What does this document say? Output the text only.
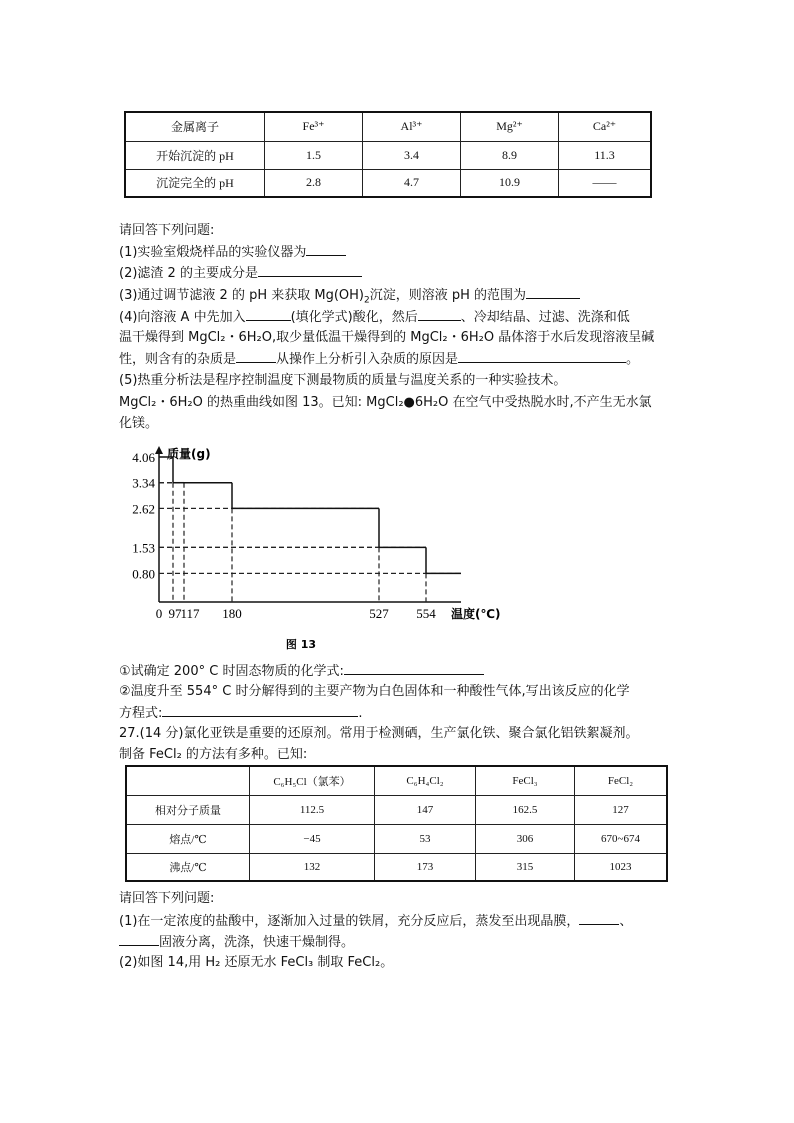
金属离子	Fe³⁺	Al³⁺	Mg²⁺	Ca²⁺
开始沉淀的 pH	1.5	3.4	8.9	11.3
沉淀完全的 pH	2.8	4.7	10.9	——
请回答下列问题:
(1)实验室煅烧样品的实验仪器为
(2)滤渣 2 的主要成分是
(3)通过调节滤液 2 的 pH 来获取 $Mg(OH)_2$沉淀，则溶液 pH 的范围为
(4)向溶液 A 中先加入	(填化学式)酸化，然后	、冷却结晶、过滤、洗涤和低
温干燥得到 MgCl₂・6H₂O,取少量低温干燥得到的 MgCl₂・6H₂O 晶体溶于水后发现溶液呈碱
性，则含有的杂质是	从操作上分析引入杂质的原因是	。
(5)热重分析法是程序控制温度下测最物质的质量与温度关系的一种实验技术。
MgCl₂・6H₂O 的热重曲线如图 13。已知: MgCl₂●6H₂O 在空气中受热脱水时,不产生无水氯
化镁。
质量(g)
温度(℃)
4.06
3.34
2.62
1.53
0.80
0 97
117 180	527 554
图 13
①试确定 200° C 时固态物质的化学式:
②温度升至 554° C 时分解得到的主要产物为白色固体和一种酸性气体,写出该反应的化学
方程式:	.
27.(14 分)氯化亚铁是重要的还原剂。常用于检测硒，生产氯化铁、聚合氯化铝铁絮凝剂。
制备 FeCl₂ 的方法有多种。已知:
	C₆H₅Cl（氯苯）	C₆H₄Cl₂	FeCl₃	FeCl₂
相对分子质量	112.5	147	162.5	127
熔点/℃	−45	53	306	670~674
沸点/℃	132	173	315	1023
请回答下列问题:
(1)在一定浓度的盐酸中，逐渐加入过量的铁屑，充分反应后，蒸发至出现晶膜，	、
固液分离，洗涤，快速干燥制得。
(2)如图 14,用 H₂ 还原无水 FeCl₃ 制取 FeCl₂。
